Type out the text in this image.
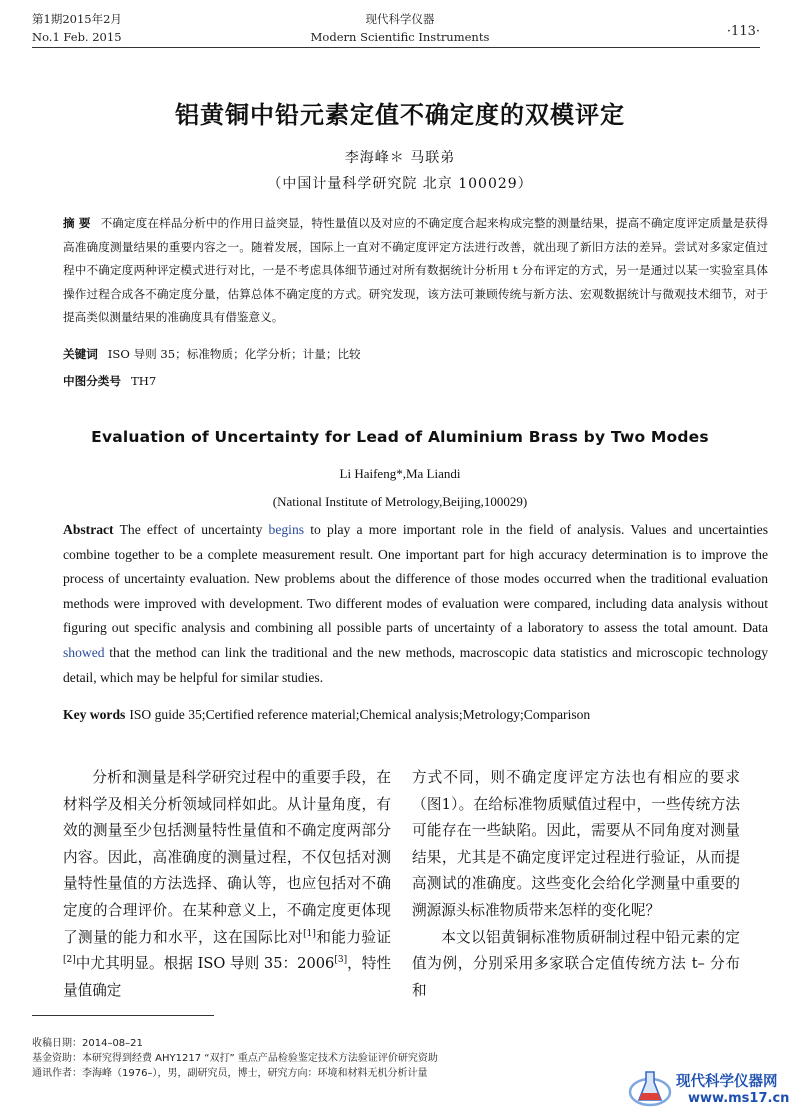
第1期2015年2月
No.1 Feb. 2015
现代科学仪器
Modern Scientific Instruments	·113·
铝黄铜中铅元素定值不确定度的双模评定
李海峰＊ 马联弟
（中国计量科学研究院 北京 100029）
摘 要 不确定度在样品分析中的作用日益突显，特性量值以及对应的不确定度合起来构成完整的测量结果，提高不确定度评定质量是获得高准确度测量结果的重要内容之一。随着发展，国际上一直对不确定度评定方法进行改善，就出现了新旧方法的差异。尝试对多家定值过程中不确定度两种评定模式进行对比，一是不考虑具体细节通过对所有数据统计分析用 t 分布评定的方式，另一是通过以某一实验室具体操作过程合成各不确定度分量，估算总体不确定度的方式。研究发现，该方法可兼顾传统与新方法、宏观数据统计与微观技术细节，对于提高类似测量结果的准确度具有借鉴意义。
关键词 ISO 导则 35；标准物质；化学分析；计量；比较
中图分类号 TH7
Evaluation of Uncertainty for Lead of Aluminium Brass by Two Modes
Li Haifeng*,Ma Liandi
(National Institute of Metrology,Beijing,100029)
Abstract The effect of uncertainty begins to play a more important role in the field of analysis. Values and uncertainties combine together to be a complete measurement result. One important part for high accuracy determination is to improve the process of uncertainty evaluation. New problems about the difference of those modes occurred when the traditional evaluation methods were improved with development. Two different modes of evaluation were compared, including data analysis without figuring out specific analysis and combining all possible parts of uncertainty of a laboratory to assess the total amount. Data showed that the method can link the traditional and the new methods, macroscopic data statistics and microscopic technology detail, which may be helpful for similar studies.
Key words ISO guide 35;Certified reference material;Chemical analysis;Metrology;Comparison

分析和测量是科学研究过程中的重要手段，在材料学及相关分析领域同样如此。从计量角度，有效的测量至少包括测量特性量值和不确定度两部分内容。因此，高准确度的测量过程，不仅包括对测量特性量值的方法选择、确认等，也应包括对不确定度的合理评价。在某种意义上，不确定度更体现了测量的能力和水平，这在国际比对[1]和能力验证[2]中尤其明显。根据 ISO 导则 35：2006[3]，特性量值确定

方式不同，则不确定度评定方法也有相应的要求（图1）。在给标准物质赋值过程中，一些传统方法可能存在一些缺陷。因此，需要从不同角度对测量结果，尤其是不确定度评定过程进行验证，从而提高测试的准确度。这些变化会给化学测量中重要的溯源源头标准物质带来怎样的变化呢？

本文以铝黄铜标准物质研制过程中铅元素的定值为例，分别采用多家联合定值传统方法 t– 分布和

收稿日期：2014–08–21
基金资助：本研究得到经费 AHY1217 “双打” 重点产品检验鉴定技术方法验证评价研究资助
通讯作者：李海峰（1976–），男，副研究员，博士，研究方向：环境和材料无机分析计量
现代科学仪器网
www.ms17.cn
